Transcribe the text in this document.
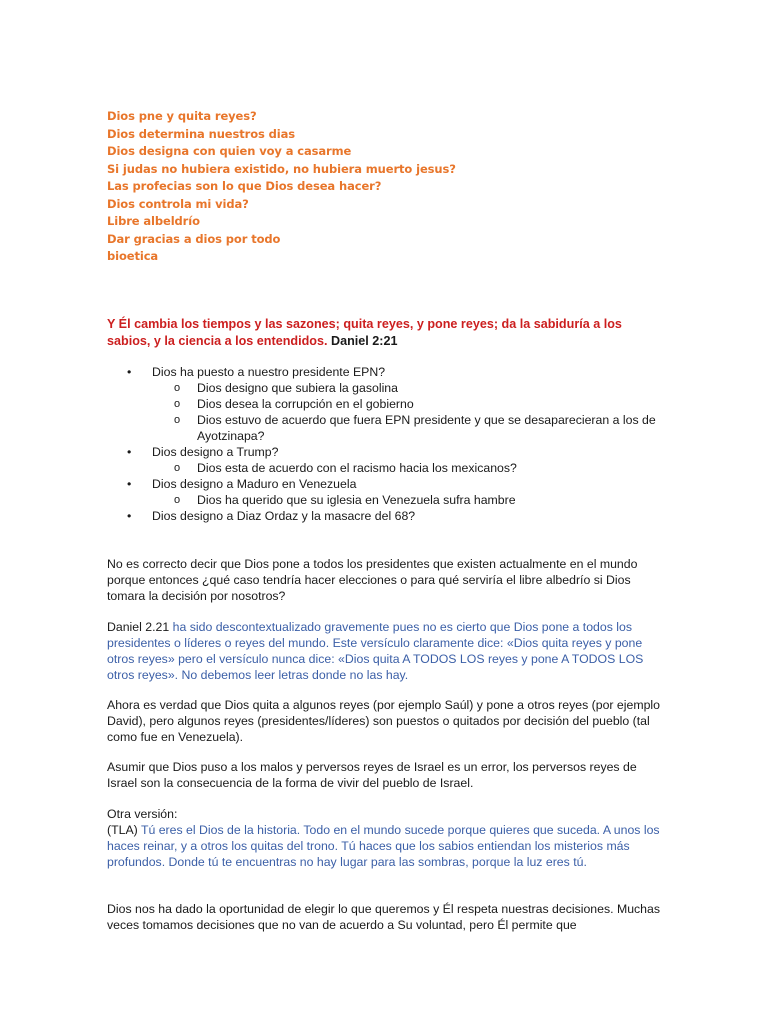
Dios pne y quita reyes?
Dios determina nuestros dias
Dios designa con quien voy a casarme
Si judas no hubiera existido, no hubiera muerto jesus?
Las profecias son lo que Dios desea hacer?
Dios controla mi vida?
Libre albeldrío
Dar gracias a dios por todo
bioetica

Y Él cambia los tiempos y las sazones; quita reyes, y pone reyes; da la sabiduría a los sabios, y la ciencia a los entendidos. Daniel 2:21

• Dios ha puesto a nuestro presidente EPN?
o Dios designo que subiera la gasolina
o Dios desea la corrupción en el gobierno
o Dios estuvo de acuerdo que fuera EPN presidente y que se desaparecieran a los de Ayotzinapa?
• Dios designo a Trump?
o Dios esta de acuerdo con el racismo hacia los mexicanos?
• Dios designo a Maduro en Venezuela
o Dios ha querido que su iglesia en Venezuela sufra hambre
• Dios designo a Diaz Ordaz y la masacre del 68?

No es correcto decir que Dios pone a todos los presidentes que existen actualmente en el mundo porque entonces ¿qué caso tendría hacer elecciones o para qué serviría el libre albedrío si Dios tomara la decisión por nosotros?

Daniel 2.21 ha sido descontextualizado gravemente pues no es cierto que Dios pone a todos los presidentes o líderes o reyes del mundo. Este versículo claramente dice: «Dios quita reyes y pone otros reyes» pero el versículo nunca dice: «Dios quita A TODOS LOS reyes y pone A TODOS LOS otros reyes». No debemos leer letras donde no las hay.

Ahora es verdad que Dios quita a algunos reyes (por ejemplo Saúl) y pone a otros reyes (por ejemplo David), pero algunos reyes (presidentes/líderes) son puestos o quitados por decisión del pueblo (tal como fue en Venezuela).

Asumir que Dios puso a los malos y perversos reyes de Israel es un error, los perversos reyes de Israel son la consecuencia de la forma de vivir del pueblo de Israel.

Otra versión:
(TLA) Tú eres el Dios de la historia. Todo en el mundo sucede porque quieres que suceda. A unos los haces reinar, y a otros los quitas del trono. Tú haces que los sabios entiendan los misterios más profundos. Donde tú te encuentras no hay lugar para las sombras, porque la luz eres tú.

Dios nos ha dado la oportunidad de elegir lo que queremos y Él respeta nuestras decisiones. Muchas veces tomamos decisiones que no van de acuerdo a Su voluntad, pero Él permite que
